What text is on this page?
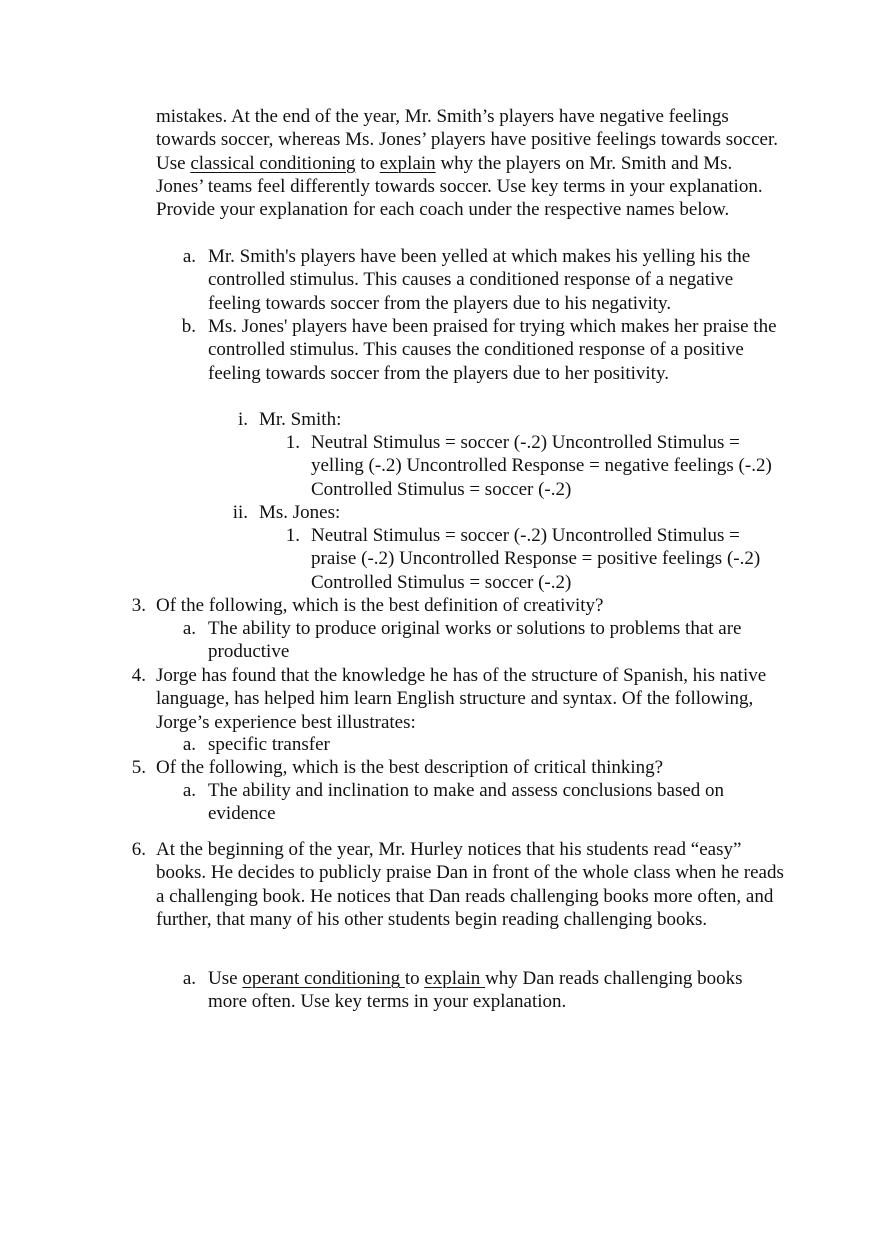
mistakes. At the end of the year, Mr. Smith’s players have negative feelings towards soccer, whereas Ms. Jones’ players have positive feelings towards soccer. Use classical conditioning to explain why the players on Mr. Smith and Ms. Jones’ teams feel differently towards soccer. Use key terms in your explanation. Provide your explanation for each coach under the respective names below.

a. Mr. Smith's players have been yelled at which makes his yelling his the controlled stimulus. This causes a conditioned response of a negative feeling towards soccer from the players due to his negativity.

b. Ms. Jones' players have been praised for trying which makes her praise the controlled stimulus. This causes the conditioned response of a positive feeling towards soccer from the players due to her positivity.

i. Mr. Smith:

1. Neutral Stimulus = soccer (-.2) Uncontrolled Stimulus = yelling (-.2) Uncontrolled Response = negative feelings (-.2) Controlled Stimulus = soccer (-.2)

ii. Ms. Jones:

1. Neutral Stimulus = soccer (-.2) Uncontrolled Stimulus = praise (-.2) Uncontrolled Response = positive feelings (-.2) Controlled Stimulus = soccer (-.2)

3. Of the following, which is the best definition of creativity?

a. The ability to produce original works or solutions to problems that are productive

4. Jorge has found that the knowledge he has of the structure of Spanish, his native language, has helped him learn English structure and syntax. Of the following, Jorge’s experience best illustrates:

a. specific transfer

5. Of the following, which is the best description of critical thinking?

a. The ability and inclination to make and assess conclusions based on evidence

6. At the beginning of the year, Mr. Hurley notices that his students read “easy” books. He decides to publicly praise Dan in front of the whole class when he reads a challenging book. He notices that Dan reads challenging books more often, and further, that many of his other students begin reading challenging books.

a. Use operant conditioning to explain why Dan reads challenging books more often. Use key terms in your explanation.
